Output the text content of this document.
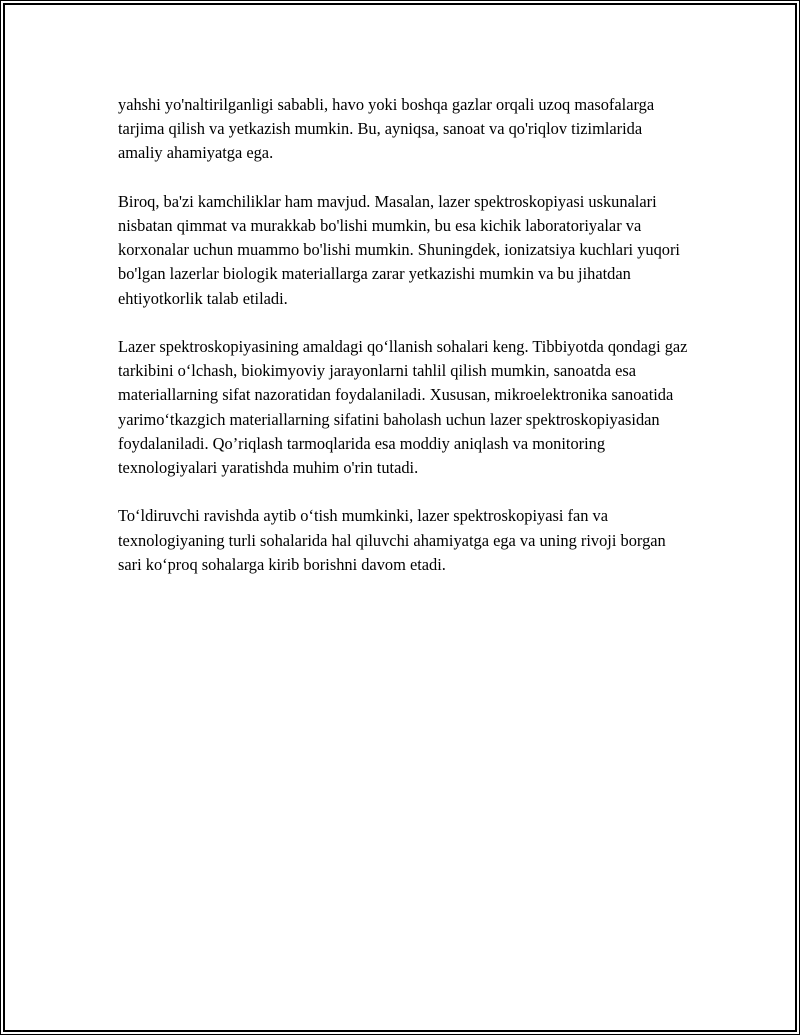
yahshi yo'naltirilganligi sababli, havo yoki boshqa gazlar orqali uzoq masofalarga tarjima qilish va yetkazish mumkin. Bu, ayniqsa, sanoat va qo'riqlov tizimlarida amaliy ahamiyatga ega.

Biroq, ba'zi kamchiliklar ham mavjud. Masalan, lazer spektroskopiyasi uskunalari nisbatan qimmat va murakkab bo'lishi mumkin, bu esa kichik laboratoriyalar va korxonalar uchun muammo bo'lishi mumkin. Shuningdek, ionizatsiya kuchlari yuqori bo'lgan lazerlar biologik materiallarga zarar yetkazishi mumkin va bu jihatdan ehtiyotkorlik talab etiladi.

Lazer spektroskopiyasining amaldagi qo‘llanish sohalari keng. Tibbiyotda qondagi gaz tarkibini o‘lchash, biokimyoviy jarayonlarni tahlil qilish mumkin, sanoatda esa materiallarning sifat nazoratidan foydalaniladi. Xususan, mikroelektronika sanoatida yarimo‘tkazgich materiallarning sifatini baholash uchun lazer spektroskopiyasidan foydalaniladi. Qo’riqlash tarmoqlarida esa moddiy aniqlash va monitoring texnologiyalari yaratishda muhim o'rin tutadi.

To‘ldiruvchi ravishda aytib o‘tish mumkinki, lazer spektroskopiyasi fan va texnologiyaning turli sohalarida hal qiluvchi ahamiyatga ega va uning rivoji borgan sari ko‘proq sohalarga kirib borishni davom etadi.
